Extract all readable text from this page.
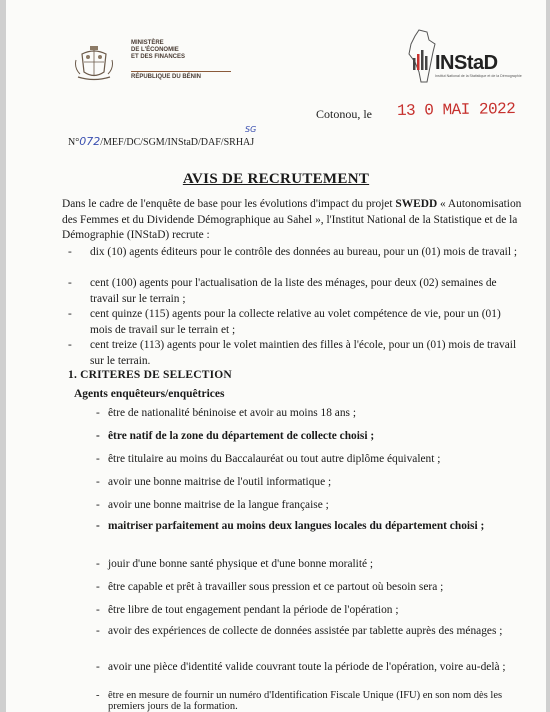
MINISTÈRE
DE L'ÉCONOMIE
ET DES FINANCES
RÉPUBLIQUE DU BÉNIN
INStaD
Institut National de la Statistique et de la Démographie
Cotonou, le 13 0 MAI 2022
N°072/MEF/DC/SGM/INStaD/DAF/SRHAJ
SG
AVIS DE RECRUTEMENT
Dans le cadre de l'enquête de base pour les évolutions d'impact du projet SWEDD « Autonomisation des Femmes et du Dividende Démographique au Sahel », l'Institut National de la Statistique et de la Démographie (INStaD) recrute :
-	dix (10) agents éditeurs pour le contrôle des données au bureau, pour un (01) mois de travail ;
-	cent (100) agents pour l'actualisation de la liste des ménages, pour deux (02) semaines de travail sur le terrain ;
-	cent quinze (115) agents pour la collecte relative au volet compétence de vie, pour un (01) mois de travail sur le terrain et ;
-	cent treize (113) agents pour le volet maintien des filles à l'école, pour un (01) mois de travail sur le terrain.
1. CRITERES DE SELECTION
Agents enquêteurs/enquêtrices
- être de nationalité béninoise et avoir au moins 18 ans ;
- être natif de la zone du département de collecte choisi ;
- être titulaire au moins du Baccalauréat ou tout autre diplôme équivalent ;
- avoir une bonne maitrise de l'outil informatique ;
- avoir une bonne maitrise de la langue française ;
- maitriser parfaitement au moins deux langues locales du département choisi ;
- jouir d'une bonne santé physique et d'une bonne moralité ;
- être capable et prêt à travailler sous pression et ce partout où besoin sera ;
- être libre de tout engagement pendant la période de l'opération ;
- avoir des expériences de collecte de données assistée par tablette auprès des ménages ;
- avoir une pièce d'identité valide couvrant toute la période de l'opération, voire au-delà ;
- être en mesure de fournir un numéro d'Identification Fiscale Unique (IFU) en son nom dès les premiers jours de la formation.
